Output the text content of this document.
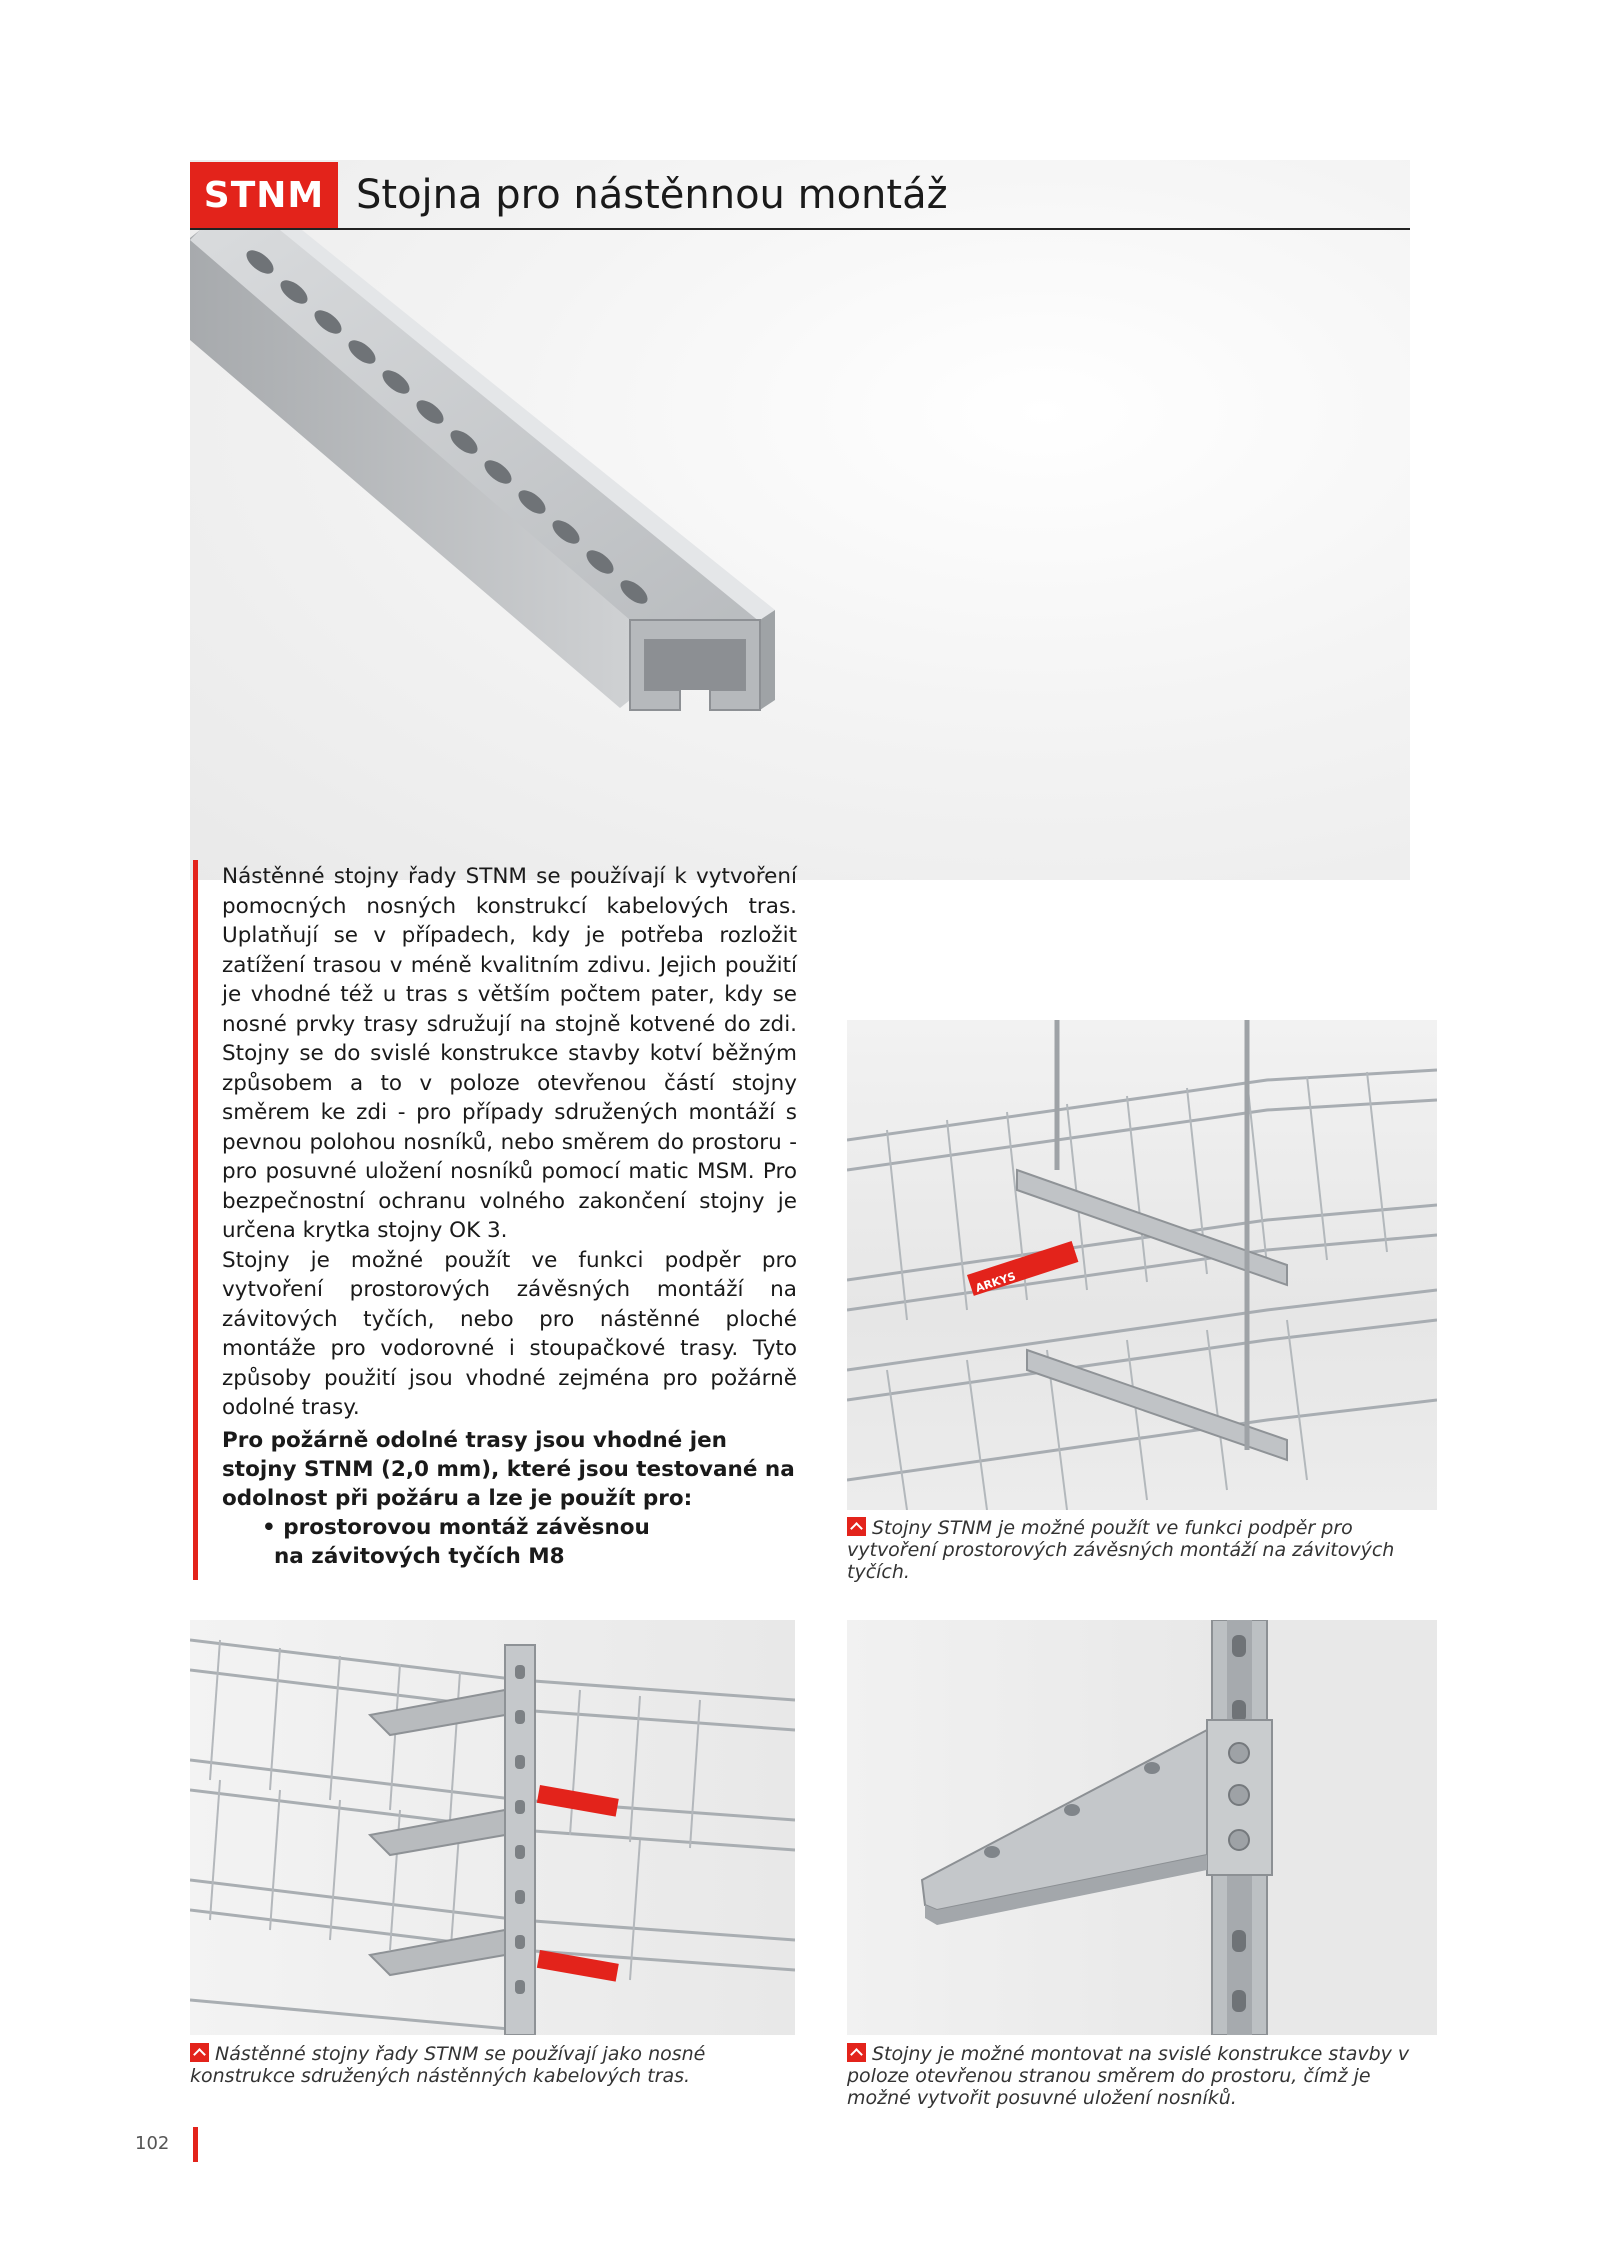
STNM Stojna pro nástěnnou montáž

Nástěnné stojny řady STNM se používají k vytvoření pomocných nosných konstrukcí kabelových tras. Uplatňují se v případech, kdy je potřeba rozložit zatížení trasou v méně kvalitním zdivu. Jejich použití je vhodné též u tras s větším počtem pater, kdy se nosné prvky trasy sdružují na stojně kotvené do zdi. Stojny se do svislé konstrukce stavby kotví běžným způsobem a to v poloze otevřenou částí stojny směrem ke zdi - pro případy sdružených montáží s pevnou polohou nosníků, nebo směrem do prostoru - pro posuvné uložení nosníků pomocí matic MSM. Pro bezpečnostní ochranu volného zakončení stojny je určena krytka stojny OK 3.

Stojny je možné použít ve funkci podpěr pro vytvoření prostorových závěsných montáží na závitových tyčích, nebo pro nástěnné ploché montáže pro vodorovné i stoupačkové trasy. Tyto způsoby použití jsou vhodné zejména pro požárně odolné trasy.

Pro požárně odolné trasy jsou vhodné jen stojny STNM (2,0 mm), které jsou testované na odolnost při požáru a lze je použít pro:
• prostorovou montáž závěsnou
na závitových tyčích M8
ARKYS
Stojny STNM je možné použít ve funkci podpěr pro vytvoření prostorových závěsných montáží na závitových tyčích.
Nástěnné stojny řady STNM se používají jako nosné konstrukce sdružených nástěnných kabelových tras.
Stojny je možné montovat na svislé konstrukce stavby v poloze otevřenou stranou směrem do prostoru, čímž je možné vytvořit posuvné uložení nosníků.
102
